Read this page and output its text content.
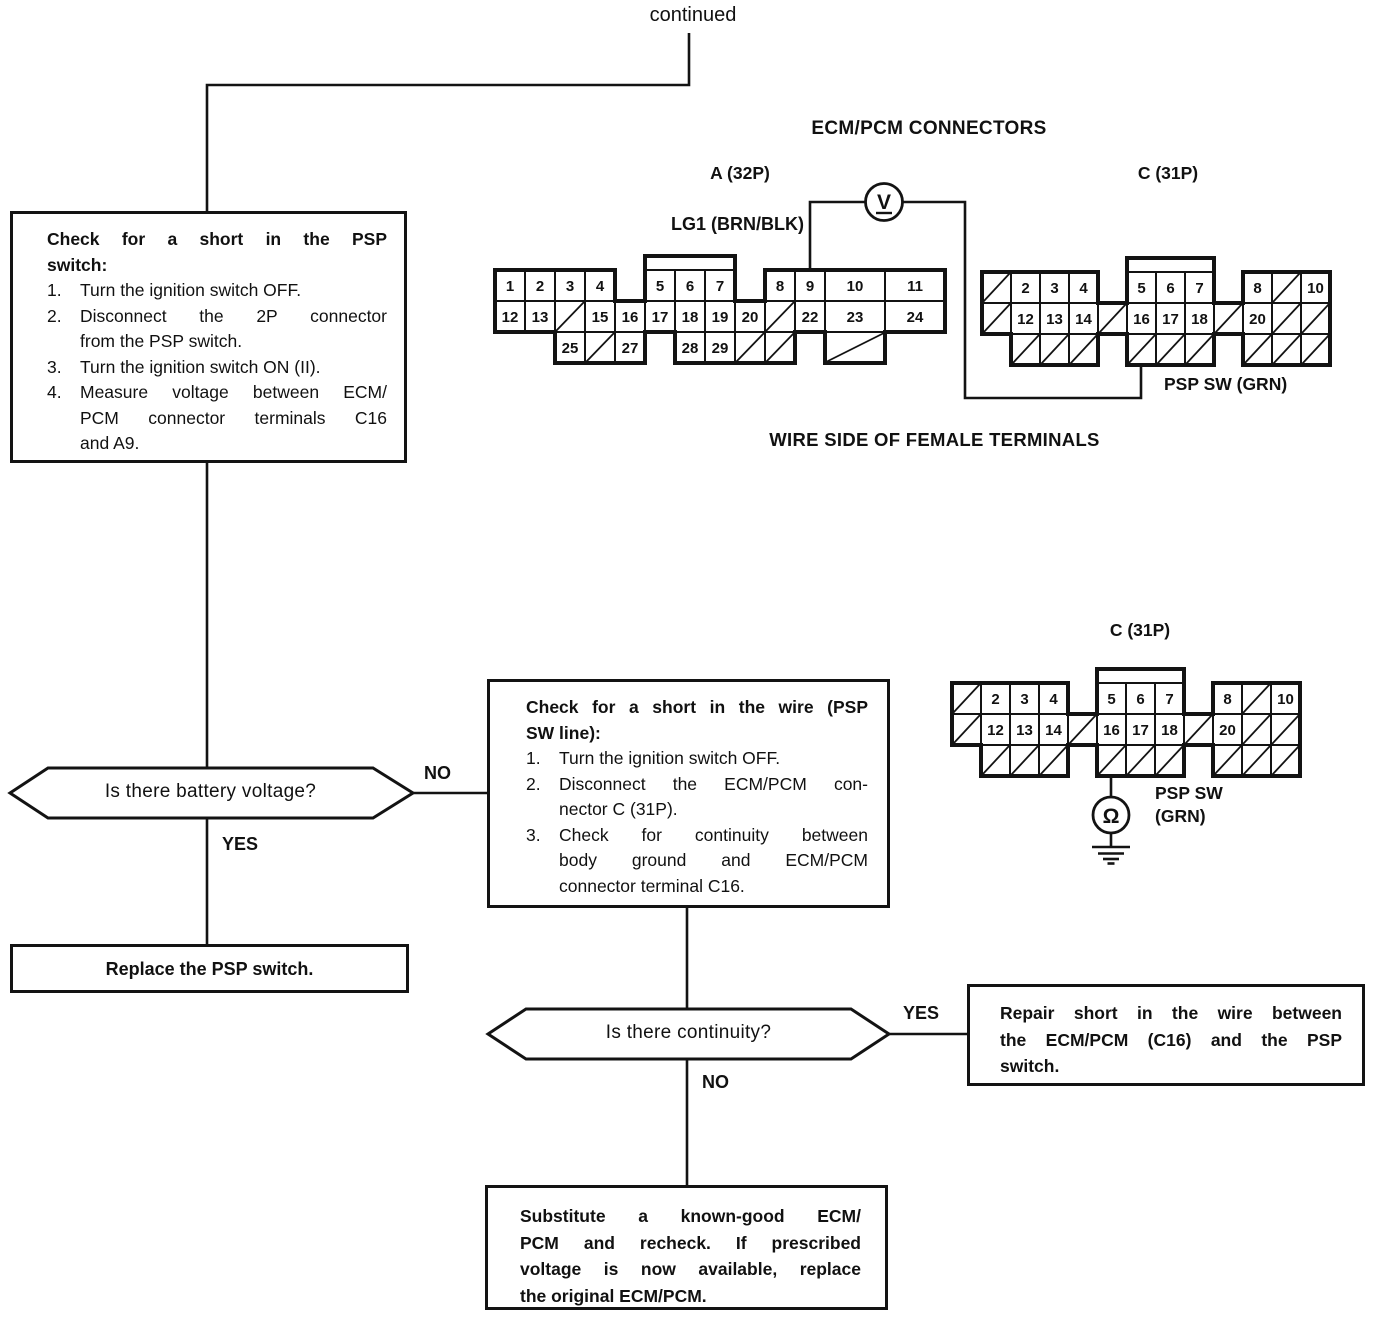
V
Ω
1 2 3 4	5 6 7	8 9 10	11
12 13	15 16 17 18 19 20	22 23	24
25	27	28 29
2 3 4	5 6 7	8	10
12 13 14	16 17 18	20
2 3 4	5 6 7	8	10
12 13 14	16 17 18	20
continued
ECM/PCM CONNECTORS
A (32P)	C (31P)
LG1 (BRN/BLK)
PSP SW (GRN)
WIRE SIDE OF FEMALE TERMINALS
C (31P)
PSP SW
(GRN)
Check for a short in the PSP
switch:
1.	Turn the ignition switch OFF.
2.	Disconnect the 2P connector
from the PSP switch.
3.	Turn the ignition switch ON (II).
4.	Measure voltage between ECM/
PCM connector terminals C16
and A9.
Is there battery voltage?
NO
YES
Replace the PSP switch.
Check for a short in the wire (PSP
SW line):
1.	Turn the ignition switch OFF.
2.	Disconnect the ECM/PCM con-
nector C (31P).
3.	Check for continuity between
body ground and ECM/PCM
connector terminal C16.
Is there continuity?
YES
NO
Repair short in the wire between
the ECM/PCM (C16) and the PSP
switch.
Substitute a known-good ECM/
PCM and recheck. If prescribed
voltage is now available, replace
the original ECM/PCM.
